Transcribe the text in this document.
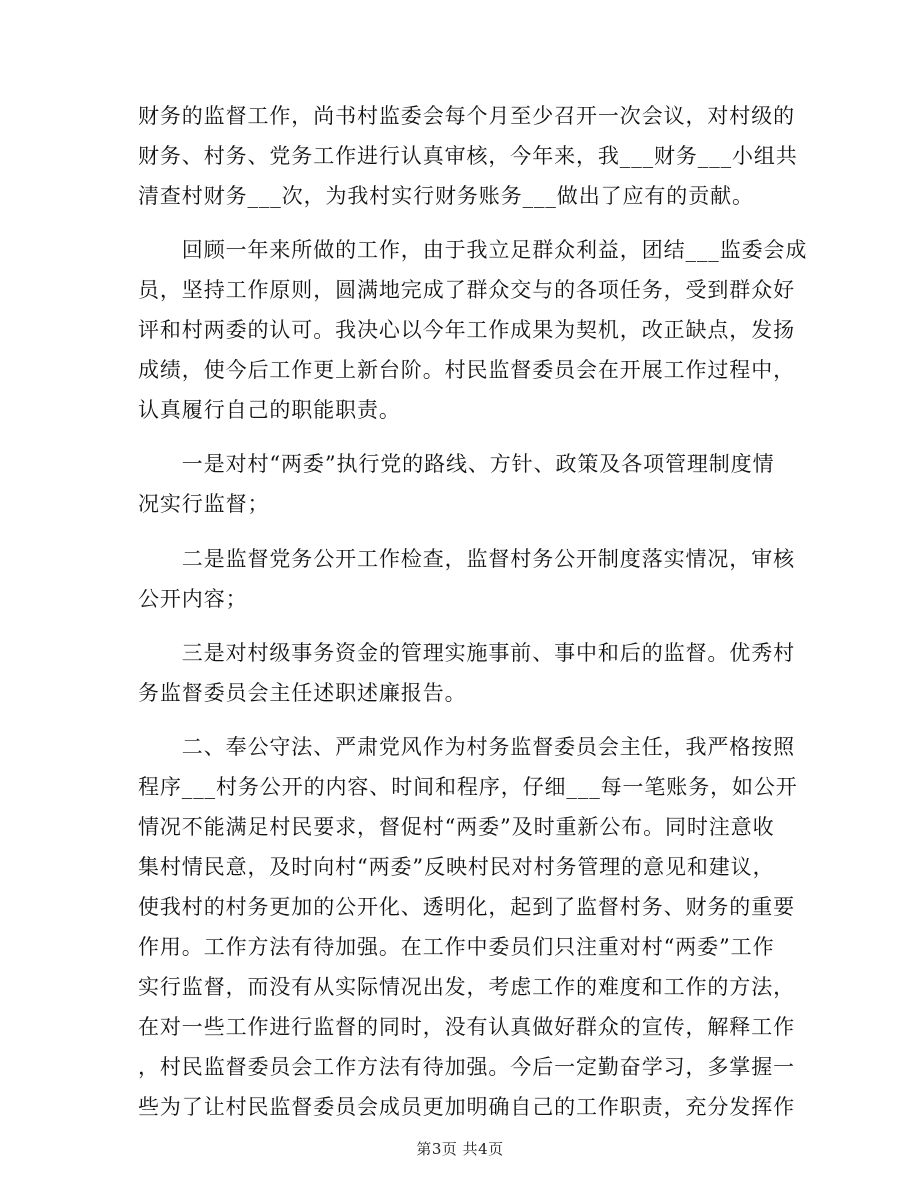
财务的监督工作，尚书村监委会每个月至少召开一次会议，对村级的
财务、村务、党务工作进行认真审核，今年来，我___财务___小组共
清查村财务___次，为我村实行财务账务___做出了应有的贡献。
　　回顾一年来所做的工作，由于我立足群众利益，团结___监委会成
员，坚持工作原则，圆满地完成了群众交与的各项任务，受到群众好
评和村两委的认可。我决心以今年工作成果为契机，改正缺点，发扬
成绩，使今后工作更上新台阶。村民监督委员会在开展工作过程中，
认真履行自己的职能职责。
　　一是对村“两委”执行党的路线、方针、政策及各项管理制度情
况实行监督；
　　二是监督党务公开工作检查，监督村务公开制度落实情况，审核
公开内容；
　　三是对村级事务资金的管理实施事前、事中和后的监督。优秀村
务监督委员会主任述职述廉报告。
　　二、奉公守法、严肃党风作为村务监督委员会主任，我严格按照
程序___村务公开的内容、时间和程序，仔细___每一笔账务，如公开
情况不能满足村民要求，督促村“两委”及时重新公布。同时注意收
集村情民意，及时向村“两委”反映村民对村务管理的意见和建议，
使我村的村务更加的公开化、透明化，起到了监督村务、财务的重要
作用。工作方法有待加强。在工作中委员们只注重对村“两委”工作
实行监督，而没有从实际情况出发，考虑工作的难度和工作的方法，
在对一些工作进行监督的同时，没有认真做好群众的宣传，解释工作
，村民监督委员会工作方法有待加强。今后一定勤奋学习，多掌握一
些为了让村民监督委员会成员更加明确自己的工作职责，充分发挥作
第3页 共4页
